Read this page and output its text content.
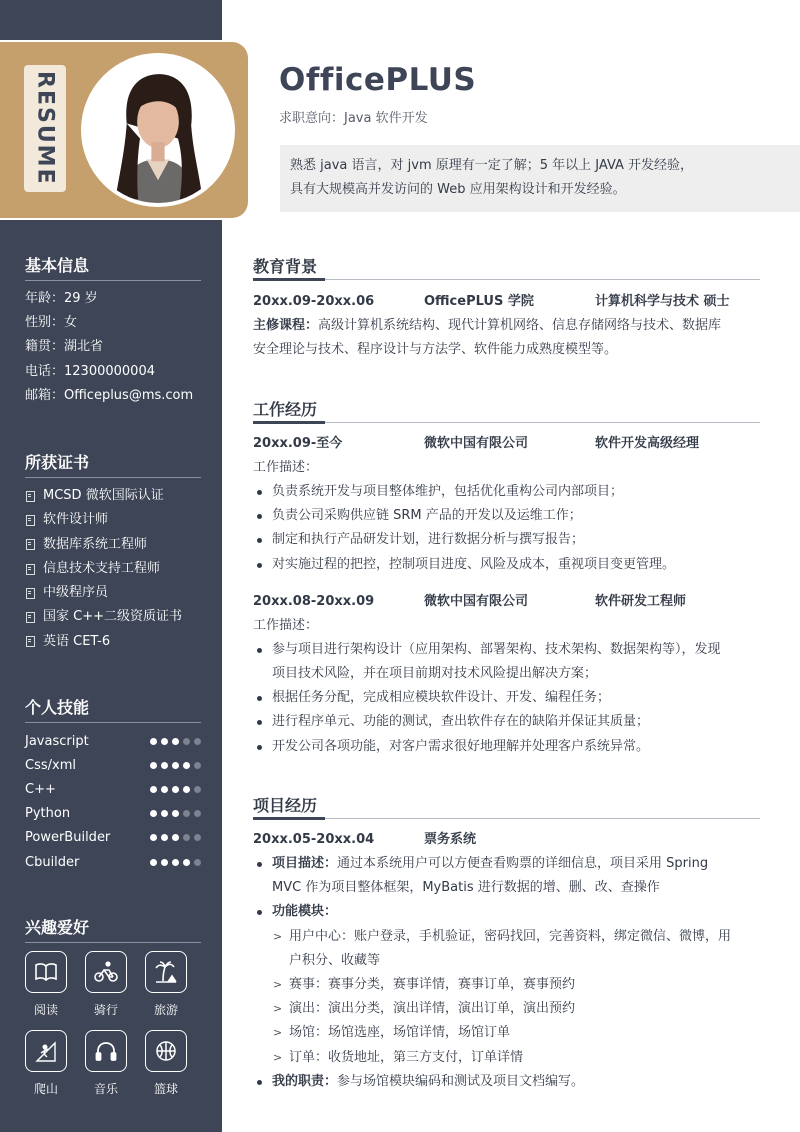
RESUME	OfficePLUS
求职意向：Java 软件开发
熟悉 java 语言，对 jvm 原理有一定了解；5 年以上 JAVA 开发经验，
具有大规模高并发访问的 Web 应用架构设计和开发经验。
基本信息
年龄：29 岁
性别：女
籍贯：湖北省
电话：12300000004
邮箱：Officeplus@ms.com
所获证书
MCSD 微软国际认证
软件设计师
数据库系统工程师
信息技术支持工程师
中级程序员
国家 C++二级资质证书
英语 CET-6
个人技能
Javascript
Css/xml
C++
Python
PowerBuilder
Cbuilder
兴趣爱好
阅读	骑行	旅游
爬山	音乐	篮球
教育背景
20xx.09-20xx.06	OfficePLUS 学院	计算机科学与技术 硕士
主修课程：高级计算机系统结构、现代计算机网络、信息存储网络与技术、数据库
安全理论与技术、程序设计与方法学、软件能力成熟度模型等。
工作经历
20xx.09-至今	微软中国有限公司	软件开发高级经理
工作描述：
负责系统开发与项目整体维护，包括优化重构公司内部项目；
负责公司采购供应链 SRM 产品的开发以及运维工作；
制定和执行产品研发计划，进行数据分析与撰写报告；
对实施过程的把控，控制项目进度、风险及成本，重视项目变更管理。
20xx.08-20xx.09	微软中国有限公司	软件研发工程师
工作描述：
参与项目进行架构设计（应用架构、部署架构、技术架构、数据架构等），发现
项目技术风险，并在项目前期对技术风险提出解决方案；
根据任务分配，完成相应模块软件设计、开发、编程任务；
进行程序单元、功能的测试，查出软件存在的缺陷并保证其质量；
开发公司各项功能，对客户需求很好地理解并处理客户系统异常。
项目经历
20xx.05-20xx.04	票务系统
项目描述：通过本系统用户可以方便查看购票的详细信息，项目采用 Spring
MVC 作为项目整体框架，MyBatis 进行数据的增、删、改、查操作
功能模块：
> 用户中心：账户登录，手机验证，密码找回，完善资料，绑定微信、微博，用
户积分、收藏等
> 赛事：赛事分类，赛事详情，赛事订单，赛事预约
> 演出：演出分类，演出详情，演出订单，演出预约
> 场馆：场馆选座，场馆详情，场馆订单
> 订单：收货地址，第三方支付，订单详情
我的职责：参与场馆模块编码和测试及项目文档编写。
